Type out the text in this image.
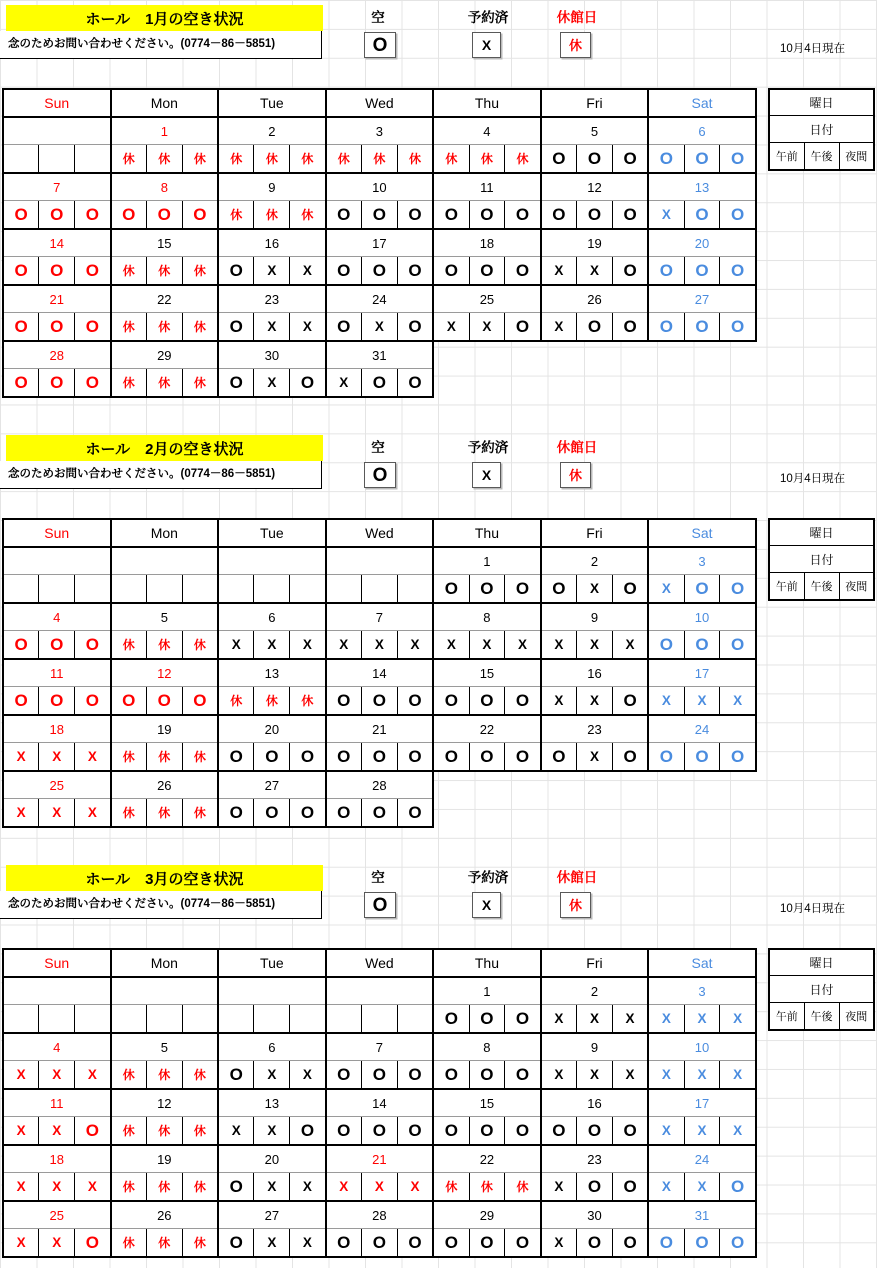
ホール　1月の空き状況
念のためお問い合わせください。(0774－86－5851)
空
O
予約済
X
休館日
休	10月4日現在
Sun			Mon			Tue			Wed			Thu			Fri			Sat		
			1			2			3			4			5			6		
			休	休	休	休	休	休	休	休	休	休	休	休	O	O	O	O	O	O
7			8			9			10			11			12			13		
O	O	O	O	O	O	休	休	休	O	O	O	O	O	O	O	O	O	X	O	O
14			15			16			17			18			19			20		
O	O	O	休	休	休	O	X	X	O	O	O	O	O	O	X	X	O	O	O	O
21			22			23			24			25			26			27		
O	O	O	休	休	休	O	X	X	O	X	O	X	X	O	X	O	O	O	O	O
28			29			30			31											
O	O	O	休	休	休	O	X	O	X	O	O									
曜日
日付
午前	午後	夜間
ホール　2月の空き状況
念のためお問い合わせください。(0774－86－5851)
空
O
予約済
X
休館日
休	10月4日現在
Sun			Mon			Tue			Wed			Thu			Fri			Sat		
												1			2			3		
												O	O	O	O	X	O	X	O	O
4			5			6			7			8			9			10		
O	O	O	休	休	休	X	X	X	X	X	X	X	X	X	X	X	X	O	O	O
11			12			13			14			15			16			17		
O	O	O	O	O	O	休	休	休	O	O	O	O	O	O	X	X	O	X	X	X
18			19			20			21			22			23			24		
X	X	X	休	休	休	O	O	O	O	O	O	O	O	O	O	X	O	O	O	O
25			26			27			28											
X	X	X	休	休	休	O	O	O	O	O	O									
曜日
日付
午前	午後	夜間
ホール　3月の空き状況
念のためお問い合わせください。(0774－86－5851)
空
O
予約済
X
休館日
休	10月4日現在
Sun			Mon			Tue			Wed			Thu			Fri			Sat		
												1			2			3		
												O	O	O	X	X	X	X	X	X
4			5			6			7			8			9			10		
X	X	X	休	休	休	O	X	X	O	O	O	O	O	O	X	X	X	X	X	X
11			12			13			14			15			16			17		
X	X	O	休	休	休	X	X	O	O	O	O	O	O	O	O	O	O	X	X	X
18			19			20			21			22			23			24		
X	X	X	休	休	休	O	X	X	X	X	X	休	休	休	X	O	O	X	X	O
25			26			27			28			29			30			31		
X	X	O	休	休	休	O	X	X	O	O	O	O	O	O	X	O	O	O	O	O
曜日
日付
午前	午後	夜間
